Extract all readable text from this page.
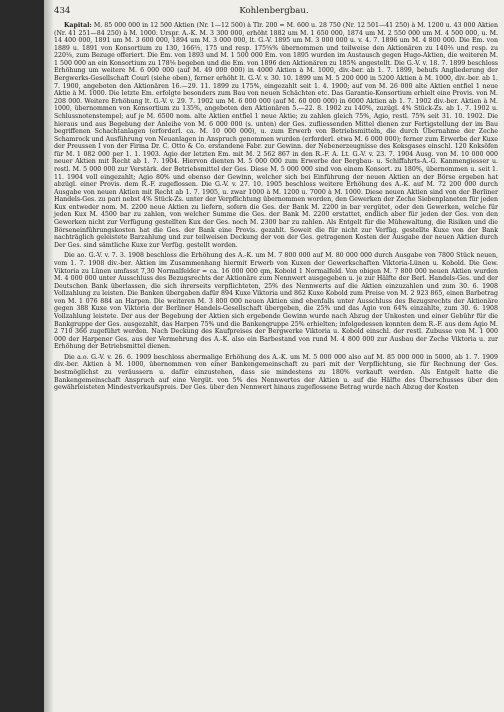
434	Kohlenbergbau.

Kapital: M. 85 000 000 in 12 500 Aktien (Nr. 1—12 500) à Tlr. 200 = M. 600 u. 28 750 (Nr. 12 501—41 250) à M. 1200 u. 43 000 Aktien (Nr. 41 251—84 250) à M. 1000. Urspr. A.-K. M. 3 300 000, erhöht 1882 um M. 1 650 000, 1874 um M. 2 550 000 um M. 4 500 000, u. M. 14 400 000, 1891 um M. 3 600 000, 1894 um M. 3 000 000, lt. G.-V. 1895 um M. 3 000 000 u. v. 4. 7. 1896 um M. 4 800 000. Die Em. von 1889 u. 1891 von Konsortium zu 130, 166⅔, 175 und resp. 175⅝% übernommen und teilweise den Aktionären zu 140⅔ und resp. zu 220⅛, zum Bezuge offeriert. Die Em. von 1893 und M. 1 500 000 Em. von 1895 wurden im Austausch gegen Hugo-Aktien, die weiteren M. 1 500 000 an ein Konsortium zu 178⅝ begeben und die Em. von 1896 den Aktionären zu 185% angestellt. Die G.-V. v. 18. 7. 1899 beschloss Erhöhung um weitere M. 6 000 000 (auf M. 49 000 000) in 4000 Aktien à M. 1000, div.-ber. ab 1. 7. 1899, behufs Angliederung der Bergwerks-Gesellschaft Courl (siehe oben), ferner erhöht lt. G.-V. v. 30. 10. 1899 um M. 5 200 000 in 5200 Aktien à M. 1000, div.-ber. ab 1. 7. 1900, angeboten den Aktionären 16.—29. 11. 1899 zu 175%, eingezahlt seit 1. 4. 1900; auf von M. 26 000 alte Aktien entfiel 1 neue Aktie à M. 1000. Die letzte Em. erfolgte besonders zum Bau von neuen Schächten etc. Das Garantie-Konsortium erhielt eine Provis. von M. 208 000. Weitere Erhöhung lt. G.-V. v. 29. 7. 1902 um M. 6 000 000 (auf M. 60 000 000) in 6000 Aktien ab 1. 7. 1902 div.-ber. Aktien à M. 1000, übernommen von Konsortium zu 135%, angeboten den Aktionären 5.—22. 8. 1902 zu 140%, zuzügl. 4% Stück-Zs. ab 1. 7. 1902 u. Schlussnotenstempel; auf je M. 6500 nom. alte Aktien entfiel 1 neue Aktie; zu zahlen gleich 75%, Agio, restl. 75% seit 31. 10. 1902. Die hieraus und aus Begebung der Anleihe von M. 6 000 000 (s. unten) der Ges. zufliessenden Mittel dienen zur Fertigstellung der im Bau begriffenen Schachtanlagen (erforderl. ca. M. 10 000 000), u. zum Erwerb von Betriebsmitteln, die durch Übernahme der Zeche Schamrock und Ausführung von Neuanlagen in Anspruch genommen wurden (erforderl. etwa M. 6 000 000); ferner zum Erwerbe der Kuxe der Preussen I von der Firma Dr. C. Otto & Co. erstandene Fabr. zur Gewinn. der Nebenerzeugnisse des Koksgases einschl. 120 Koksöfen für M. 1 082 000 per 1. 1. 1903. Agio der letzten Em. mit M. 2 562 867 in den R.-F. A. Lt. G.-V. v. 23. 7. 1904 Ausg. von M. 10 000 000 neuer Aktien mit Recht ab 1. 7. 1904. Hiervon dienten M. 5 000 000 zum Erwerbe der Bergbau- u. Schiffahrts-A.-G. Kanmengiesser u. restl. M. 5 000 000 zur Verstärk. der Betriebsmittel der Ges. Diese M. 5 000 000 sind von einem Konsort. zu 180%, übernommen u. seit 1. 11. 1904 voll eingezahlt; Agio 80% und ebenso der Gewinn, welcher sich bei Einführung der neuen Aktien an der Börse ergeben hat abzügl. einer Provis. dem R.-F. zugeflossen. Die G.-V. v. 27. 10. 1905 beschloss weitere Erhöhung des A.-K. auf M. 72 200 000 durch Ausgabe von neuen Aktien mit Recht ab 1. 7. 1905, u. zwar 1000 à M. 1200 u. 7000 à M. 1000. Diese neuen Aktien sind von der Berliner Handels-Ges. zu pari nebst 4% Stück-Zs. unter der Verpflichtung übernommen worden, den Gewerken der Zeche Siebenplaneten für jeden Kux entweder nom. M. 2200 neue Aktien zu liefern, sofern die Ges. der Bank M. 2200 in bar vergütet, oder den Gewerken, welche für jeden Kux M. 4500 bar zu zahlen, von welcher Summe die Ges. der Bank M. 2200 erstattet, endlich aber für jeden der Ges. von den Gewerken nicht zur Verfügung gestellten Kux der Ges. noch M. 2300 bar zu zahlen. Als Entgelt für die Mühewaltung, die Risiken und die Börseneinführungskosten hat die Ges. der Bank eine Provis. gezahlt. Soweit die für nicht zur Verfüg. gestellte Kuxe von der Bank nachträglich geleistete Barzahlung und zur teilweisen Deckung der von der Ges. getragenen Kosten der Ausgabe der neuen Aktien durch Der Ges. sind sämtliche Kuxe zur Verfüg. gestellt worden.

Die ao. G.-V. v. 7. 3. 1908 beschloss die Erhöhung des A.-K. um M. 7 800 000 auf M. 80 000 000 durch Ausgabe von 7800 Stück neuen, vom 1. 7. 1908 div.-ber. Aktien im Zusammenhang hiermit Erwerb von Kuxen der Gewerkschaften Viktoria-Lünen u. Kobold. Die Gew. Viktoria zu Lünen umfasst 7,30 Normalfelder = ca. 16 000 000 qm, Kobold 1 Normalfeld. Von obigen M. 7 800 000 neuen Aktien wurden M. 4 000 000 unter Ausschluss des Bezugsrechts der Aktionäre zum Nennwert ausgegeben u. je zur Hälfte der Berl. Handels-Ges. und der Deutschen Bank überlassen, die sich ihrerseits verpflichteten, 25% des Nennwerts auf die Aktien einzuzahlen und zum 30. 6. 1908 Vollzahlung zu leisten. Die Banken übergaben dafür 894 Kuxe Viktoria und 862 Kuxe Kobold zum Preise von M. 2 923 865, einen Barbetrag von M. 1 076 884 an Harpen. Die weiteren M. 3 800 000 neuen Aktien sind ebenfalls unter Ausschluss des Bezugsrechts der Aktionäre gegen 388 Kuxe von Viktoria der Berliner Handels-Gesellschaft übergeben, die 25% und das Agio von 64% einzahlte, zum 30. 6. 1908 Vollzahlung leistete. Der aus der Begebung der Aktien sich ergebende Gewinn wurde nach Abzug der Unkosten und einer Gebühr für die Bankgruppe der Ges. ausgezahlt, das Harpen 75% und die Bankengruppe 25% erhielten; infolgedessen konnten dem R.-F. aus dem Agio M. 2 710 366 zugeführt werden. Nach Deckung des Kaufpreises der Bergwerke Viktoria u. Kobold einschl. der restl. Zubusse von M. 1 000 000 der Harpener Ges. aus der Vermehrung des A.-K. also ein Barbestand von rund M. 4 800 000 zur Ausbau der Zeche Viktoria u. zur Erhöhung der Betriebsmittel dienen.

Die a.o. G.-V. v. 26. 6. 1909 beschloss abermalige Erhöhung des A.-K. um M. 5 000 000 also auf M. 85 000 000 in 5000, ab 1. 7. 1909 div.-ber. Aktien à M. 1000, übernommen von einer Bankengemeinschaft zu pari mit der Verpflichtung, sie für Rechnung der Ges. bestmöglichst zu veräussern u. dafür einzustehen, dass sie mindestens zu 180% verkauft werden. Als Entgelt hatte die Bankengemeinschaft Anspruch auf eine Vergüt. von 5% des Nennwertes der Aktien u. auf die Hälfte des Überschusses über den gewährleisteten Mindestverkaufspreis. Der Ges. über den Nennwert hinaus zugeflossene Betrag wurde nach Abzug der Kosten
